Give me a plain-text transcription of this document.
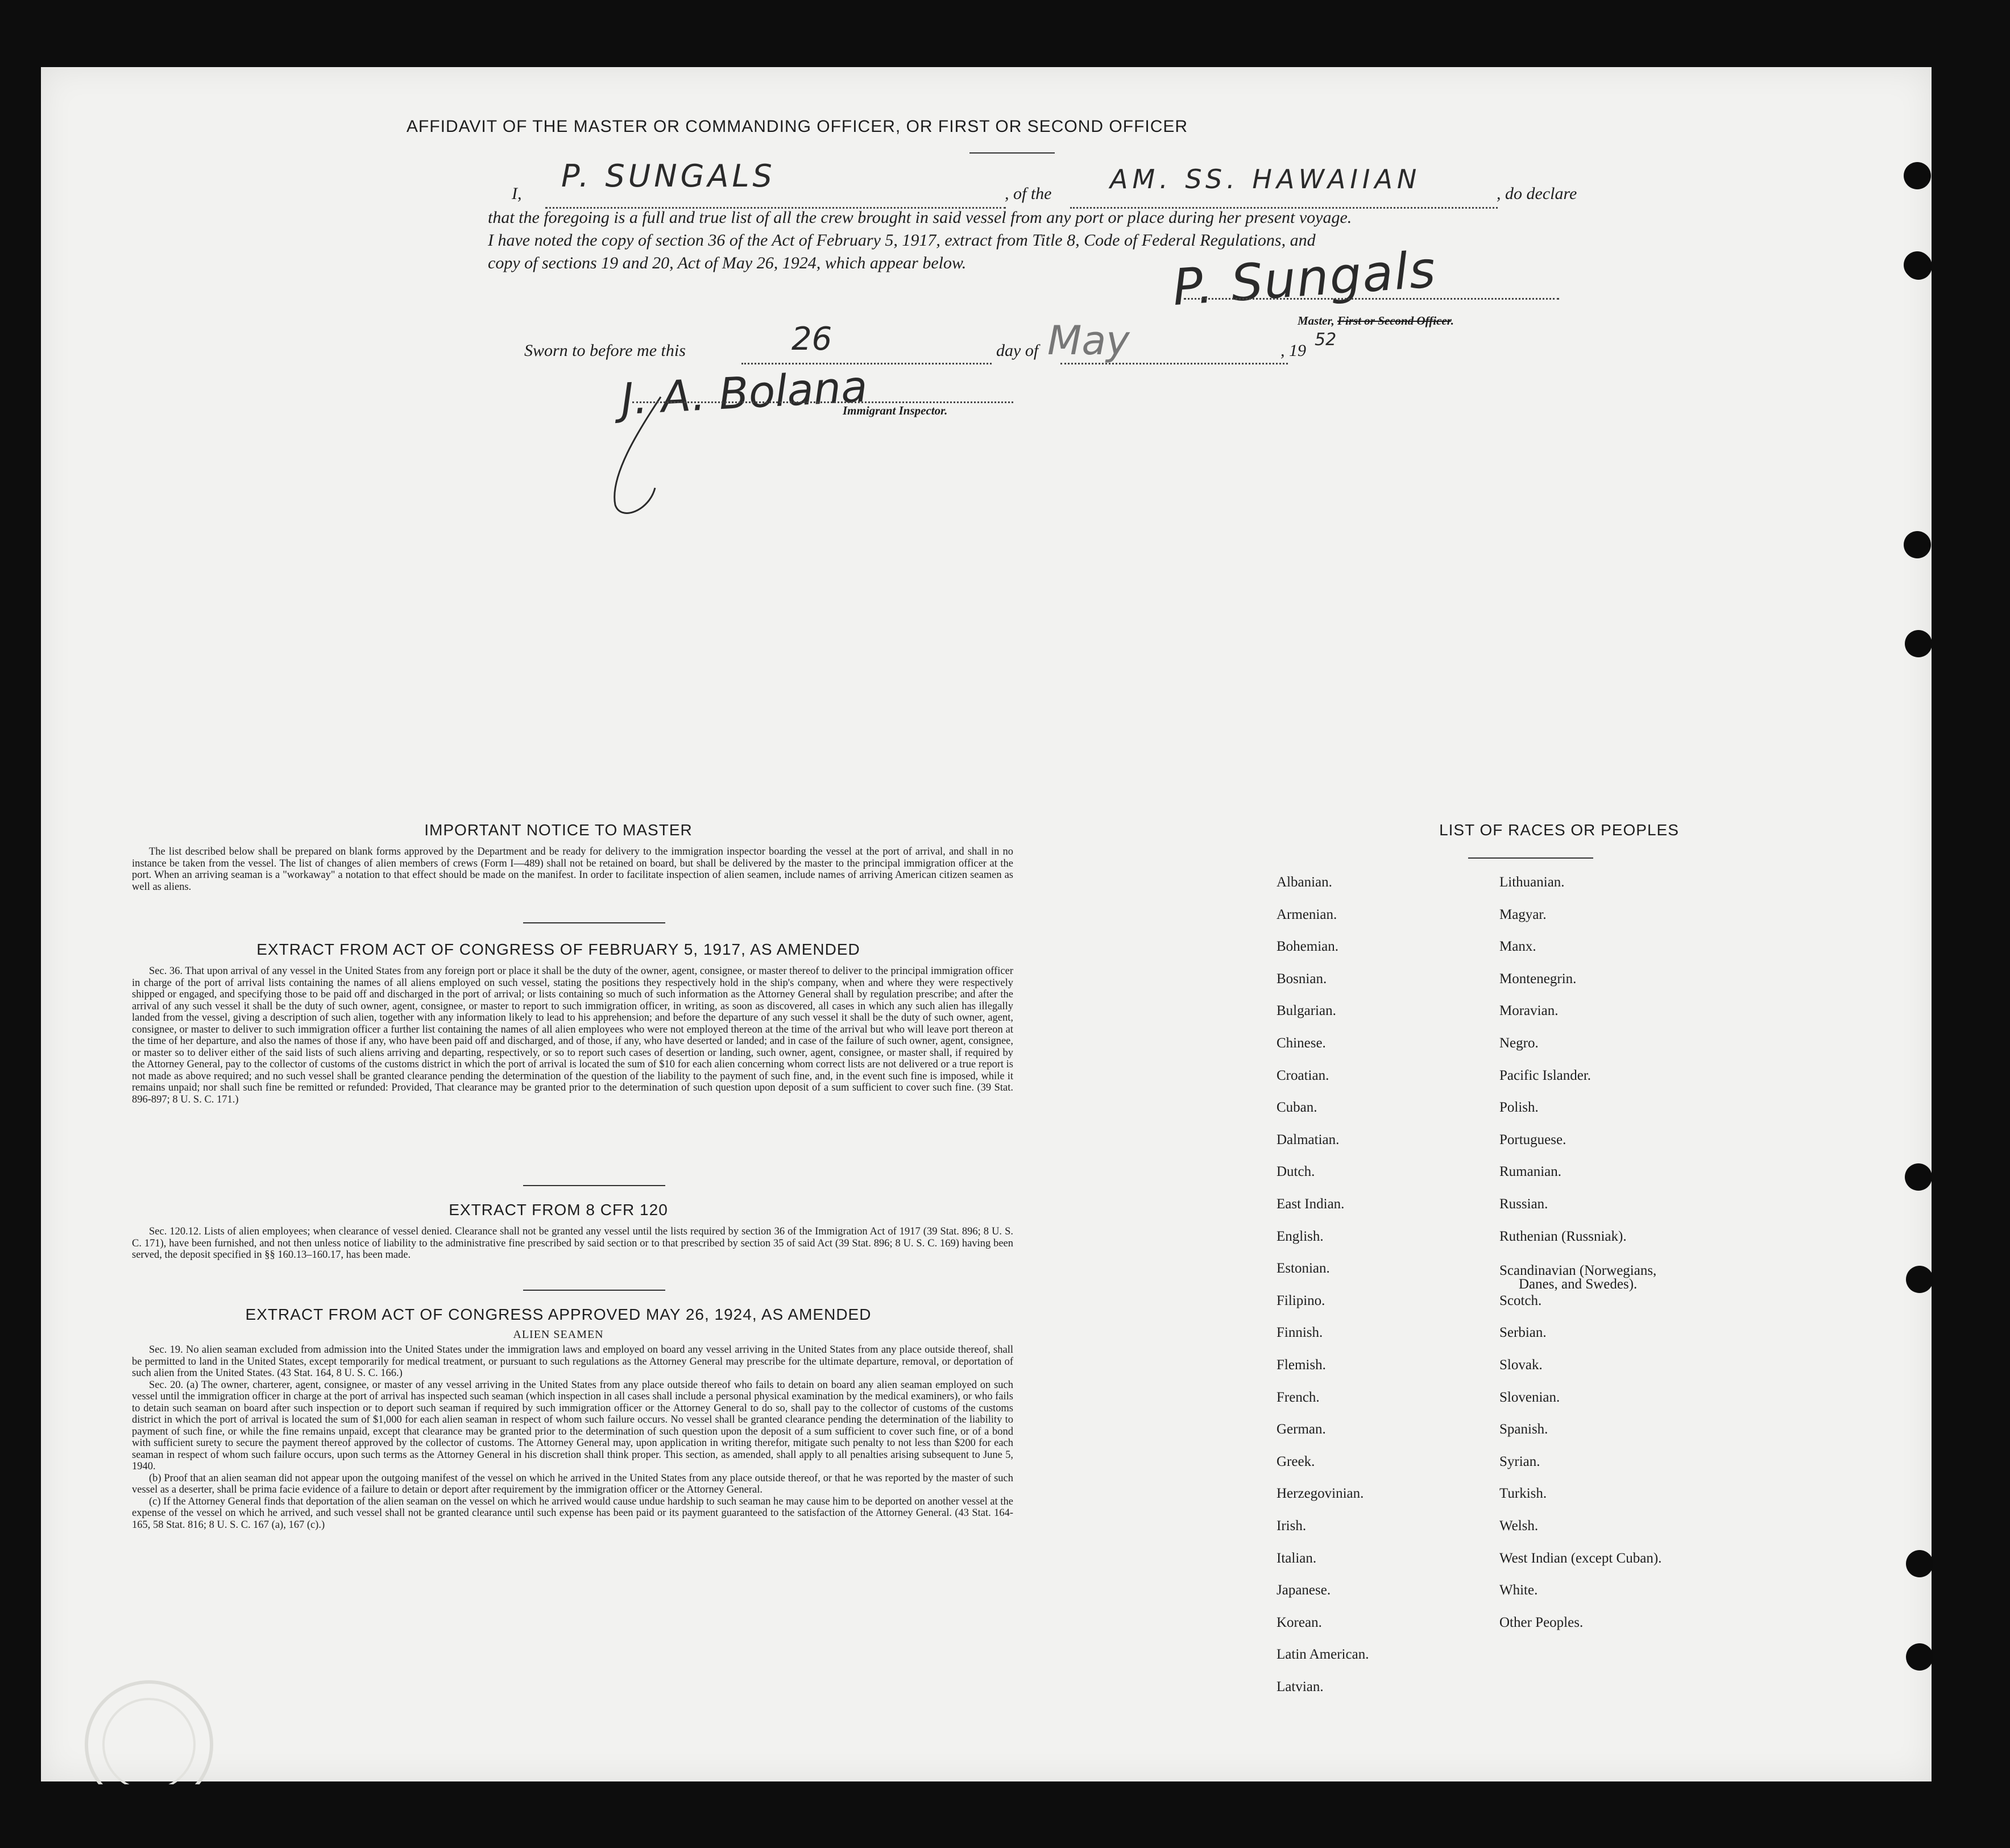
AFFIDAVIT OF THE MASTER OR COMMANDING OFFICER, OR FIRST OR SECOND OFFICER
I, P. SUNGALS	, of the AM. SS. HAWAIIAN	, do declare
that the foregoing is a full and true list of all the crew brought in said vessel from any port or place during her present voyage.
I have noted the copy of section 36 of the Act of February 5, 1917, extract from Title 8, Code of Federal Regulations, and
copy of sections 19 and 20, Act of May 26, 1924, which appear below.	P. Sungals
Master, First or Second Officer.
Sworn to before me this	26	day of May	, 19
52
J. A. Bolana
Immigrant Inspector.
IMPORTANT NOTICE TO MASTER
The list described below shall be prepared on blank forms approved by the Department and be ready for delivery to the immigration inspector boarding the vessel at the port of arrival, and shall in no instance be taken from the vessel. The list of changes of alien members of crews (Form I—489) shall not be retained on board, but shall be delivered by the master to the principal immigration officer at the port. When an arriving seaman is a "workaway" a notation to that effect should be made on the manifest. In order to facilitate inspection of alien seamen, include names of arriving American citizen seamen as well as aliens.
EXTRACT FROM ACT OF CONGRESS OF FEBRUARY 5, 1917, AS AMENDED
Sec. 36. That upon arrival of any vessel in the United States from any foreign port or place it shall be the duty of the owner, agent, consignee, or master thereof to deliver to the principal immigration officer in charge of the port of arrival lists containing the names of all aliens employed on such vessel, stating the positions they respectively hold in the ship's company, when and where they were respectively shipped or engaged, and specifying those to be paid off and discharged in the port of arrival; or lists containing so much of such information as the Attorney General shall by regulation prescribe; and after the arrival of any such vessel it shall be the duty of such owner, agent, consignee, or master to report to such immigration officer, in writing, as soon as discovered, all cases in which any such alien has illegally landed from the vessel, giving a description of such alien, together with any information likely to lead to his apprehension; and before the departure of any such vessel it shall be the duty of such owner, agent, consignee, or master to deliver to such immigration officer a further list containing the names of all alien employees who were not employed thereon at the time of the arrival but who will leave port thereon at the time of her departure, and also the names of those if any, who have been paid off and discharged, and of those, if any, who have deserted or landed; and in case of the failure of such owner, agent, consignee, or master so to deliver either of the said lists of such aliens arriving and departing, respectively, or so to report such cases of desertion or landing, such owner, agent, consignee, or master shall, if required by the Attorney General, pay to the collector of customs of the customs district in which the port of arrival is located the sum of $10 for each alien concerning whom correct lists are not delivered or a true report is not made as above required; and no such vessel shall be granted clearance pending the determination of the question of the liability to the payment of such fine, and, in the event such fine is imposed, while it remains unpaid; nor shall such fine be remitted or refunded: Provided, That clearance may be granted prior to the determination of such question upon deposit of a sum sufficient to cover such fine. (39 Stat. 896-897; 8 U. S. C. 171.)
EXTRACT FROM 8 CFR 120
Sec. 120.12. Lists of alien employees; when clearance of vessel denied. Clearance shall not be granted any vessel until the lists required by section 36 of the Immigration Act of 1917 (39 Stat. 896; 8 U. S. C. 171), have been furnished, and not then unless notice of liability to the administrative fine prescribed by said section or to that prescribed by section 35 of said Act (39 Stat. 896; 8 U. S. C. 169) having been served, the deposit specified in §§ 160.13–160.17, has been made.
EXTRACT FROM ACT OF CONGRESS APPROVED MAY 26, 1924, AS AMENDED
ALIEN SEAMEN

Sec. 19. No alien seaman excluded from admission into the United States under the immigration laws and employed on board any vessel arriving in the United States from any place outside thereof, shall be permitted to land in the United States, except temporarily for medical treatment, or pursuant to such regulations as the Attorney General may prescribe for the ultimate departure, removal, or deportation of such alien from the United States. (43 Stat. 164, 8 U. S. C. 166.)

Sec. 20. (a) The owner, charterer, agent, consignee, or master of any vessel arriving in the United States from any place outside thereof who fails to detain on board any alien seaman employed on such vessel until the immigration officer in charge at the port of arrival has inspected such seaman (which inspection in all cases shall include a personal physical examination by the medical examiners), or who fails to detain such seaman on board after such inspection or to deport such seaman if required by such immigration officer or the Attorney General to do so, shall pay to the collector of customs of the customs district in which the port of arrival is located the sum of $1,000 for each alien seaman in respect of whom such failure occurs. No vessel shall be granted clearance pending the determination of the liability to payment of such fine, or while the fine remains unpaid, except that clearance may be granted prior to the determination of such question upon the deposit of a sum sufficient to cover such fine, or of a bond with sufficient surety to secure the payment thereof approved by the collector of customs. The Attorney General may, upon application in writing therefor, mitigate such penalty to not less than $200 for each seaman in respect of whom such failure occurs, upon such terms as the Attorney General in his discretion shall think proper. This section, as amended, shall apply to all penalties arising subsequent to June 5, 1940.

(b) Proof that an alien seaman did not appear upon the outgoing manifest of the vessel on which he arrived in the United States from any place outside thereof, or that he was reported by the master of such vessel as a deserter, shall be prima facie evidence of a failure to detain or deport after requirement by the immigration officer or the Attorney General.

(c) If the Attorney General finds that deportation of the alien seaman on the vessel on which he arrived would cause undue hardship to such seaman he may cause him to be deported on another vessel at the expense of the vessel on which he arrived, and such vessel shall not be granted clearance until such expense has been paid or its payment guaranteed to the satisfaction of the Attorney General. (43 Stat. 164-165, 58 Stat. 816; 8 U. S. C. 167 (a), 167 (c).)

LIST OF RACES OR PEOPLES
Albanian.
Armenian.
Bohemian.
Bosnian.
Bulgarian.
Chinese.
Croatian.
Cuban.
Dalmatian.
Dutch.
East Indian.
English.
Estonian.
Filipino.
Finnish.
Flemish.
French.
German.
Greek.
Herzegovinian.
Irish.
Italian.
Japanese.
Korean.
Latin American.
Latvian.
Lithuanian.
Magyar.
Manx.
Montenegrin.
Moravian.
Negro.
Pacific Islander.
Polish.
Portuguese.
Rumanian.
Russian.
Ruthenian (Russniak).
Scandinavian (Norwegians,
Danes, and Swedes).
Scotch.
Serbian.
Slovak.
Slovenian.
Spanish.
Syrian.
Turkish.
Welsh.
West Indian (except Cuban).
White.
Other Peoples.
